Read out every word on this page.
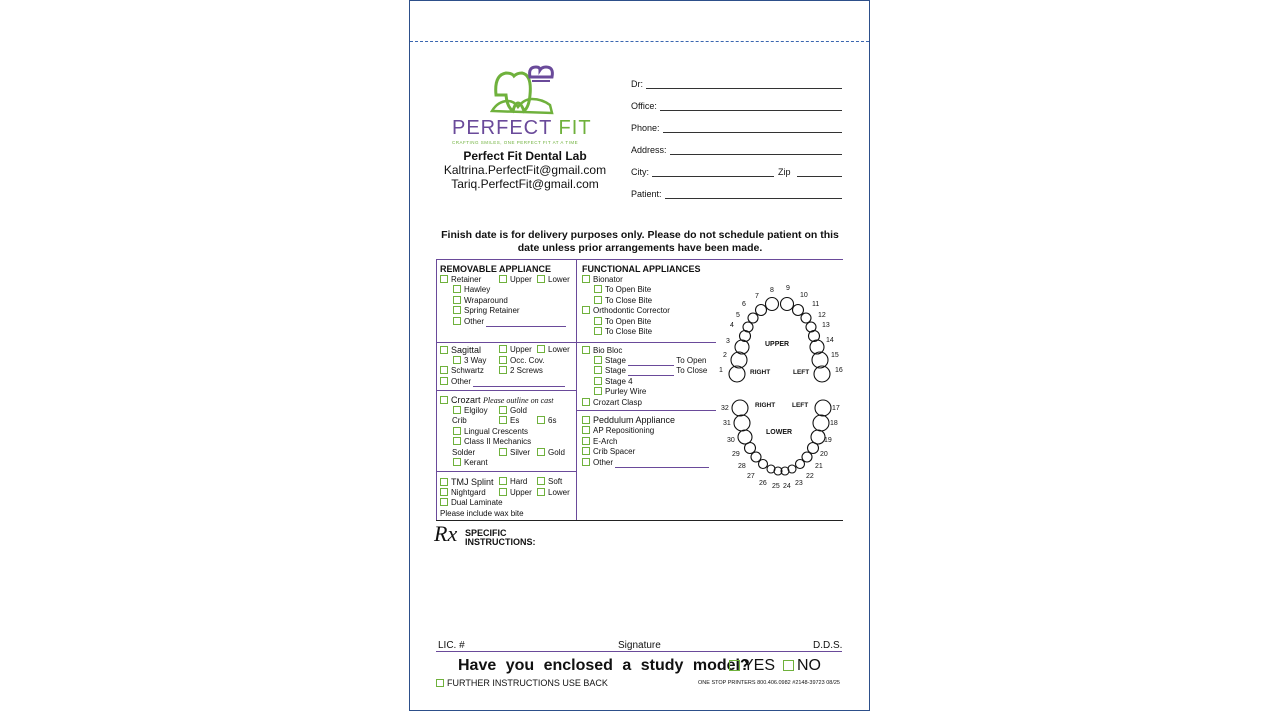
PERFECT FIT
CRAFTING SMILES, ONE PERFECT FIT AT A TIME
Perfect Fit Dental Lab
Kaltrina.PerfectFit@gmail.com
Tariq.PerfectFit@gmail.com
Dr:
Office:
Phone:
Address:
City:	Zip
Patient:
Finish date is for delivery purposes only. Please do not schedule patient on this date unless prior arrangements have been made.
REMOVABLE APPLIANCE
Retainer	Upper	Lower
Hawley
Wraparound
Spring Retainer
Other
Sagittal	Upper	Lower
3 Way	Occ. Cov.
Schwartz	2 Screws
Other
Crozart Please outline on cast
Elgiloy	Gold
Crib	Es	6s
Lingual Crescents
Class II Mechanics
Solder	Silver	Gold
Kerant
TMJ Splint	Hard	Soft
Nightgard	Upper	Lower
Dual Laminate
Please include wax bite
FUNCTIONAL APPLIANCES
Bionator
To Open Bite
To Close Bite
Orthodontic Corrector
To Open Bite
To Close Bite
Bio Bloc
Stage	To Open
Stage	To Close
Stage 4
Purley Wire
Crozart Clasp
Peddulum Appliance
AP Repositioning
E-Arch
Crib Spacer
Other
UPPER
RIGHT	LEFT
RIGHT	LEFT
LOWER
1
2
3
4
5
6
7
8 9
10
11
12
13
14
15
16
17
18
19
20
21
22
23
24
25
26
27
28
29
30
31
32
Rx SPECIFIC
INSTRUCTIONS:
LIC. #	Signature	D.D.S.
Have you enclosed a study model?
YES	NO
FURTHER INSTRUCTIONS USE BACK	ONE STOP PRINTERS 800.406.0982 #2148-39723 08/25
